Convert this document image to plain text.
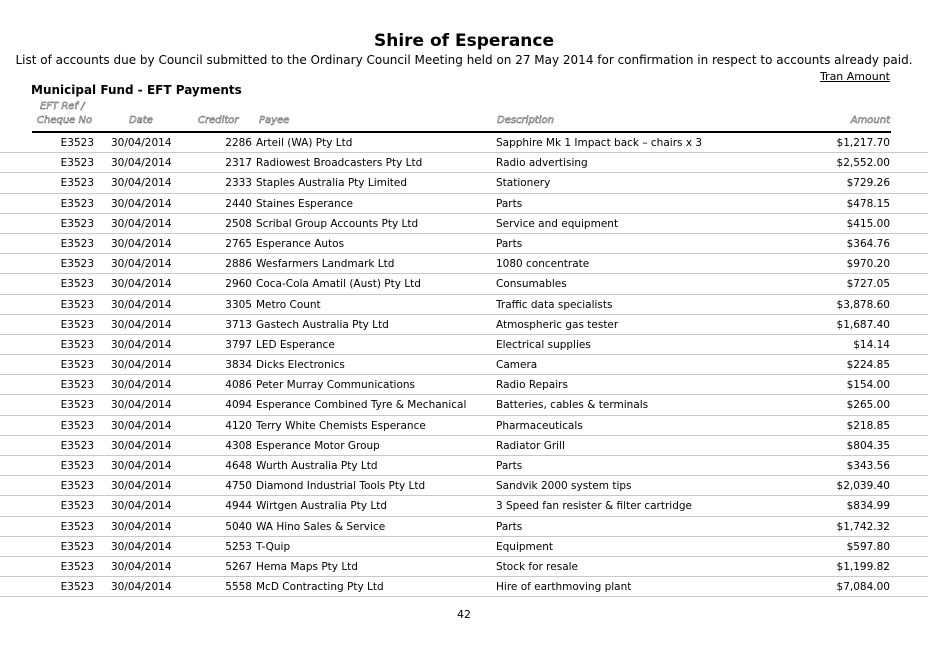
Shire of Esperance
List of accounts due by Council submitted to the Ordinary Council Meeting held on 27 May 2014 for confirmation in respect to accounts already paid.
Tran Amount
Municipal Fund - EFT Payments
EFT Ref /
Cheque No	Date	Creditor Payee	Description	Amount
E3523 30/04/2014	2286 Arteil (WA) Pty Ltd	Sapphire Mk 1 Impact back – chairs x 3	$1,217.70
E3523 30/04/2014	2317 Radiowest Broadcasters Pty Ltd	Radio advertising	$2,552.00
E3523 30/04/2014	2333 Staples Australia Pty Limited	Stationery	$729.26
E3523 30/04/2014	2440 Staines Esperance	Parts	$478.15
E3523 30/04/2014	2508 Scribal Group Accounts Pty Ltd	Service and equipment	$415.00
E3523 30/04/2014	2765 Esperance Autos	Parts	$364.76
E3523 30/04/2014	2886 Wesfarmers Landmark Ltd	1080 concentrate	$970.20
E3523 30/04/2014	2960 Coca-Cola Amatil (Aust) Pty Ltd	Consumables	$727.05
E3523 30/04/2014	3305 Metro Count	Traffic data specialists	$3,878.60
E3523 30/04/2014	3713 Gastech Australia Pty Ltd	Atmospheric gas tester	$1,687.40
E3523 30/04/2014	3797 LED Esperance	Electrical supplies	$14.14
E3523 30/04/2014	3834 Dicks Electronics	Camera	$224.85
E3523 30/04/2014	4086 Peter Murray Communications	Radio Repairs	$154.00
E3523 30/04/2014	4094 Esperance Combined Tyre & Mechanical	Batteries, cables & terminals	$265.00
E3523 30/04/2014	4120 Terry White Chemists Esperance	Pharmaceuticals	$218.85
E3523 30/04/2014	4308 Esperance Motor Group	Radiator Grill	$804.35
E3523 30/04/2014	4648 Wurth Australia Pty Ltd	Parts	$343.56
E3523 30/04/2014	4750 Diamond Industrial Tools Pty Ltd	Sandvik 2000 system tips	$2,039.40
E3523 30/04/2014	4944 Wirtgen Australia Pty Ltd	3 Speed fan resister & filter cartridge	$834.99
E3523 30/04/2014	5040 WA Hino Sales & Service	Parts	$1,742.32
E3523 30/04/2014	5253 T-Quip	Equipment	$597.80
E3523 30/04/2014	5267 Hema Maps Pty Ltd	Stock for resale	$1,199.82
E3523 30/04/2014	5558 McD Contracting Pty Ltd	Hire of earthmoving plant	$7,084.00
42
